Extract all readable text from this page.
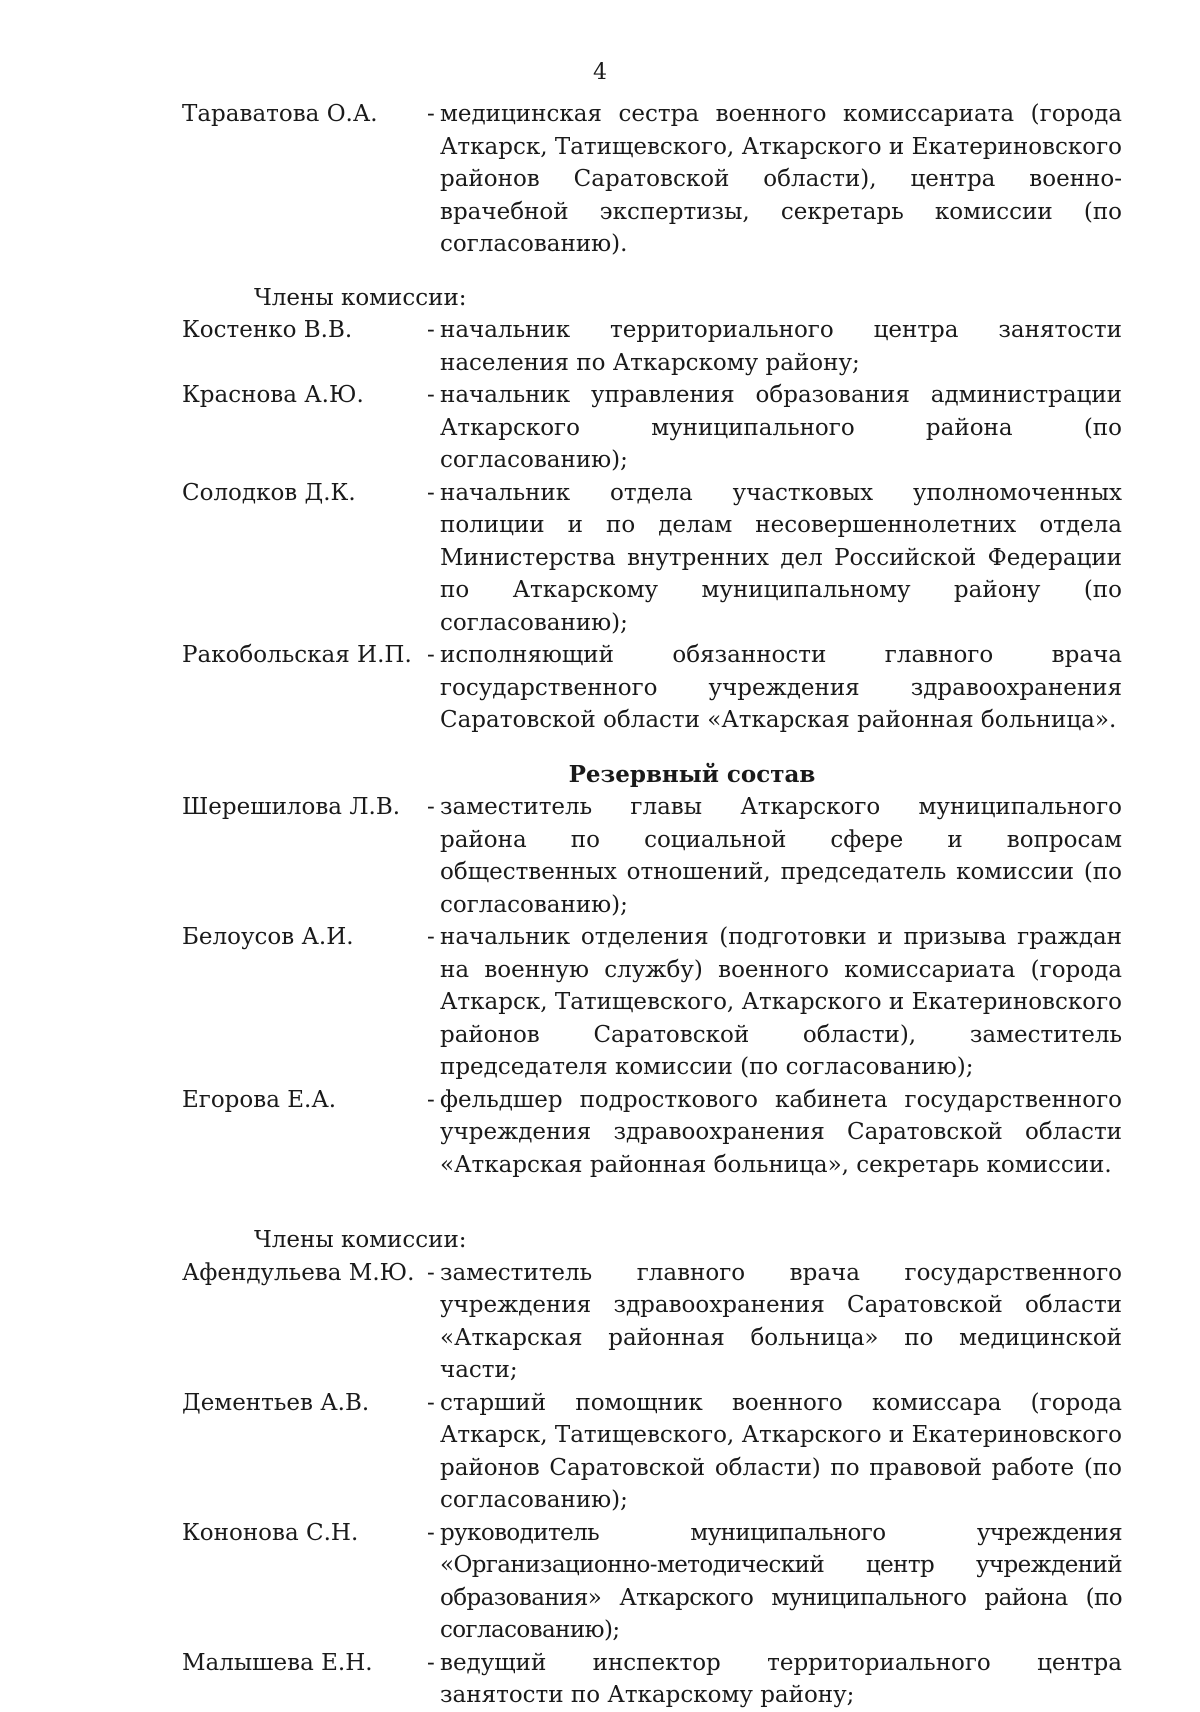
4
Тараватова О.А.	- медицинская сестра военного комиссариата (города Аткарск, Татищевского, Аткарского и Екатериновского районов Саратовской области), центра военно-врачебной экспертизы, секретарь комиссии (по согласованию).
Члены комиссии:
Костенко В.В.	- начальник территориального центра занятости населения по Аткарскому району;
Краснова А.Ю.	- начальник управления образования администрации Аткарского муниципального района (по согласованию);
Солодков Д.К.	- начальник отдела участковых уполномоченных полиции и по делам несовершеннолетних отдела Министерства внутренних дел Российской Федерации по Аткарскому муниципальному району (по согласованию);
Ракобольская И.П. - исполняющий обязанности главного врача государственного учреждения здравоохранения Саратовской области «Аткарская районная больница».
Резервный состав
Шерешилова Л.В.	- заместитель главы Аткарского муниципального района по социальной сфере и вопросам общественных отношений, председатель комиссии (по согласованию);
Белоусов А.И.	- начальник отделения (подготовки и призыва граждан на военную службу) военного комиссариата (города Аткарск, Татищевского, Аткарского и Екатериновского районов Саратовской области), заместитель председателя комиссии (по согласованию);
Егорова Е.А.	- фельдшер подросткового кабинета государственного учреждения здравоохранения Саратовской области «Аткарская районная больница», секретарь комиссии.
Члены комиссии:
Афендульева М.Ю. - заместитель главного врача государственного учреждения здравоохранения Саратовской области «Аткарская районная больница» по медицинской части;
Дементьев А.В.	- старший помощник военного комиссара (города Аткарск, Татищевского, Аткарского и Екатериновского районов Саратовской области) по правовой работе (по согласованию);
Кононова С.Н.	- руководитель муниципального учреждения «Организационно-методический центр учреждений образования» Аткарского муниципального района (по согласованию);
Малышева Е.Н.	- ведущий инспектор территориального центра занятости по Аткарскому району;
